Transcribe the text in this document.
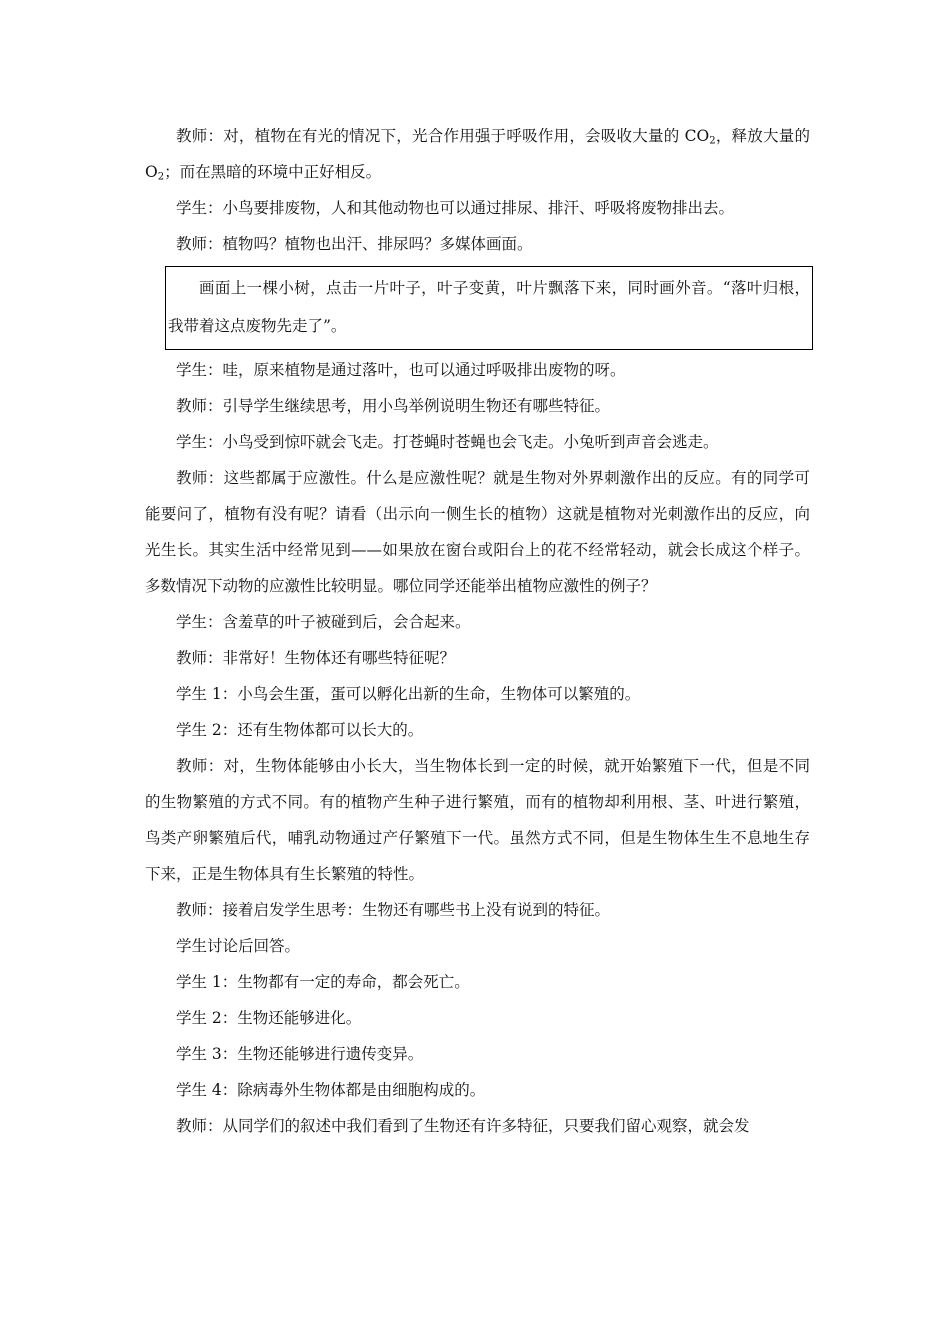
教师：对，植物在有光的情况下，光合作用强于呼吸作用，会吸收大量的 $CO_2$，释放大量的 $O_2$；而在黑暗的环境中正好相反。

学生：小鸟要排废物，人和其他动物也可以通过排尿、排汗、呼吸将废物排出去。

教师：植物吗？植物也出汗、排尿吗？多媒体画面。

画面上一棵小树，点击一片叶子，叶子变黄，叶片飘落下来，同时画外音。“落叶归根，我带着这点废物先走了”。

学生：哇，原来植物是通过落叶，也可以通过呼吸排出废物的呀。

教师：引导学生继续思考，用小鸟举例说明生物还有哪些特征。

学生：小鸟受到惊吓就会飞走。打苍蝇时苍蝇也会飞走。小兔听到声音会逃走。

教师：这些都属于应激性。什么是应激性呢？就是生物对外界刺激作出的反应。有的同学可能要问了，植物有没有呢？请看（出示向一侧生长的植物）这就是植物对光刺激作出的反应，向光生长。其实生活中经常见到——如果放在窗台或阳台上的花不经常轻动，就会长成这个样子。多数情况下动物的应激性比较明显。哪位同学还能举出植物应激性的例子？

学生：含羞草的叶子被碰到后，会合起来。

教师：非常好！生物体还有哪些特征呢？

学生 1：小鸟会生蛋，蛋可以孵化出新的生命，生物体可以繁殖的。

学生 2：还有生物体都可以长大的。

教师：对，生物体能够由小长大，当生物体长到一定的时候，就开始繁殖下一代，但是不同的生物繁殖的方式不同。有的植物产生种子进行繁殖，而有的植物却利用根、茎、叶进行繁殖，鸟类产卵繁殖后代，哺乳动物通过产仔繁殖下一代。虽然方式不同，但是生物体生生不息地生存下来，正是生物体具有生长繁殖的特性。

教师：接着启发学生思考：生物还有哪些书上没有说到的特征。

学生讨论后回答。

学生 1：生物都有一定的寿命，都会死亡。

学生 2：生物还能够进化。

学生 3：生物还能够进行遗传变异。

学生 4：除病毒外生物体都是由细胞构成的。

教师：从同学们的叙述中我们看到了生物还有许多特征，只要我们留心观察，就会发
